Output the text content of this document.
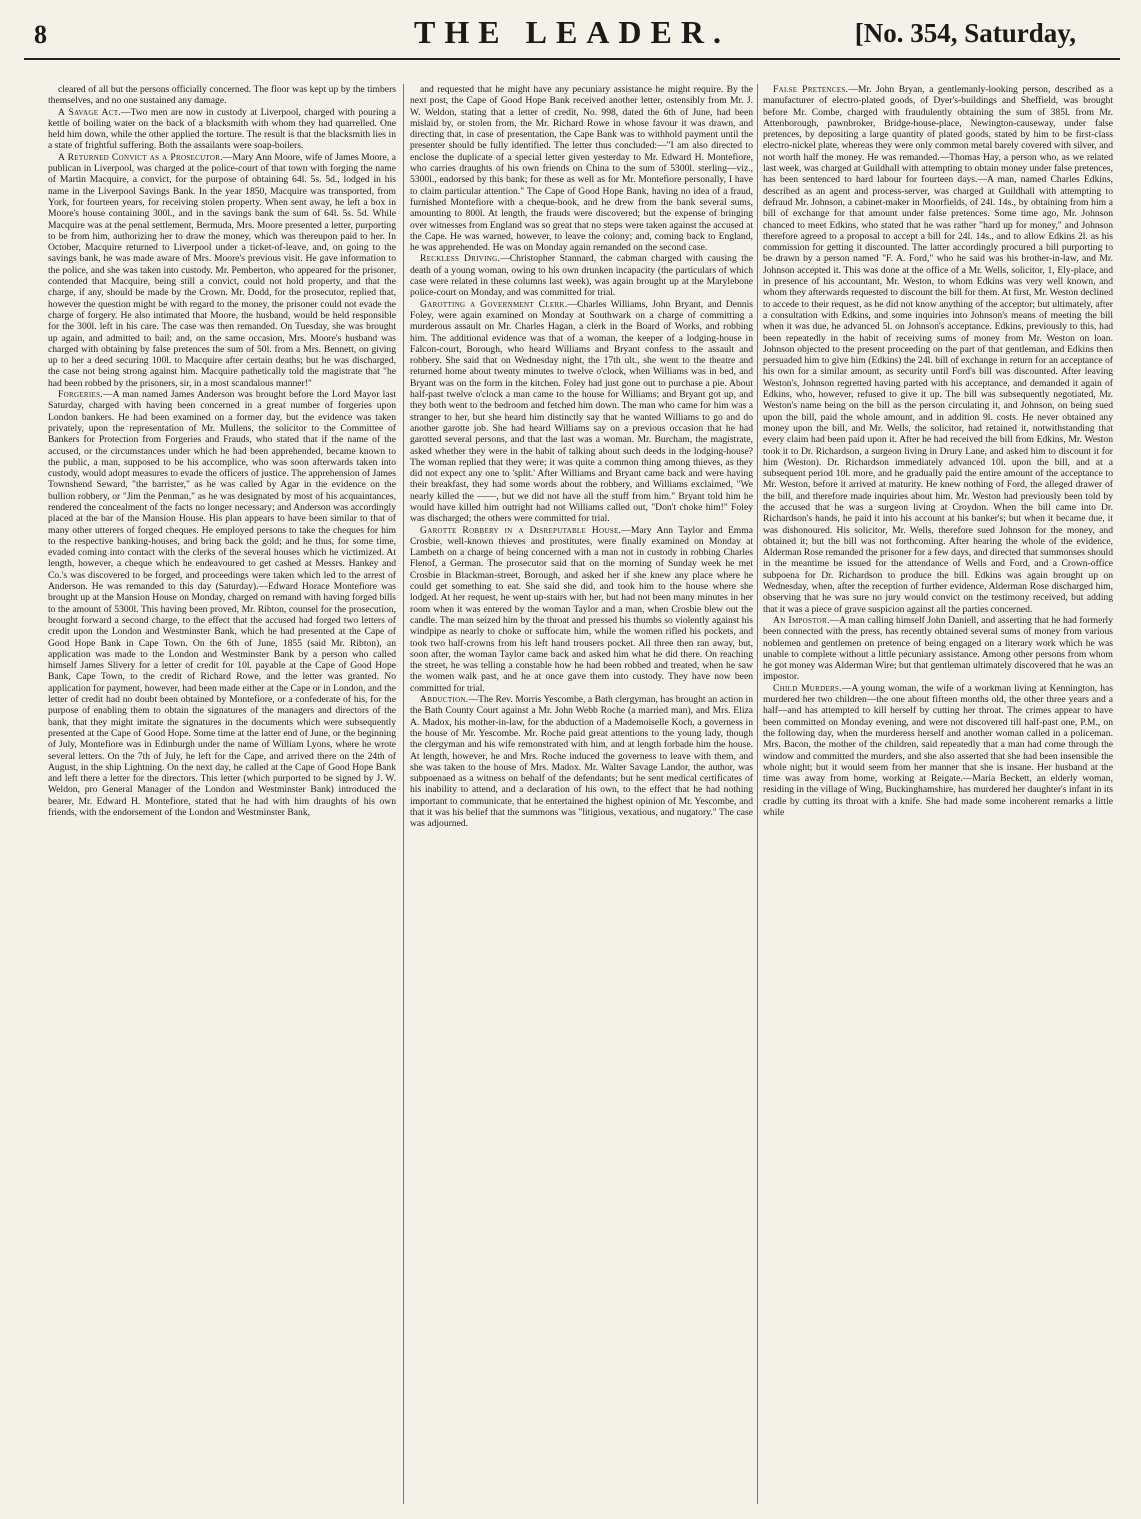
8	THE LEADER.	[No. 354, Saturday,

cleared of all but the persons officially concerned. The floor was kept up by the timbers themselves, and no one sustained any damage.

A Savage Act.—Two men are now in custody at Liverpool, charged with pouring a kettle of boiling water on the back of a blacksmith with whom they had quarrelled. One held him down, while the other applied the torture. The result is that the blacksmith lies in a state of frightful suffering. Both the assailants were soap-boilers.

A Returned Convict as a Prosecutor.—Mary Ann Moore, wife of James Moore, a publican in Liverpool, was charged at the police-court of that town with forging the name of Martin Macquire, a convict, for the purpose of obtaining 64l. 5s. 5d., lodged in his name in the Liverpool Savings Bank. In the year 1850, Macquire was transported, from York, for fourteen years, for receiving stolen property. When sent away, he left a box in Moore's house containing 300l., and in the savings bank the sum of 64l. 5s. 5d. While Macquire was at the penal settlement, Bermuda, Mrs. Moore presented a letter, purporting to be from him, authorizing her to draw the money, which was thereupon paid to her. In October, Macquire returned to Liverpool under a ticket-of-leave, and, on going to the savings bank, he was made aware of Mrs. Moore's previous visit. He gave information to the police, and she was taken into custody. Mr. Pemberton, who appeared for the prisoner, contended that Macquire, being still a convict, could not hold property, and that the charge, if any, should be made by the Crown. Mr. Dodd, for the prosecutor, replied that, however the question might be with regard to the money, the prisoner could not evade the charge of forgery. He also intimated that Moore, the husband, would be held responsible for the 300l. left in his care. The case was then remanded. On Tuesday, she was brought up again, and admitted to bail; and, on the same occasion, Mrs. Moore's husband was charged with obtaining by false pretences the sum of 50l. from a Mrs. Bennett, on giving up to her a deed securing 100l. to Macquire after certain deaths; but he was discharged, the case not being strong against him. Macquire pathetically told the magistrate that "he had been robbed by the prisoners, sir, in a most scandalous manner!"

Forgeries.—A man named James Anderson was brought before the Lord Mayor last Saturday, charged with having been concerned in a great number of forgeries upon London bankers. He had been examined on a former day, but the evidence was taken privately, upon the representation of Mr. Mullens, the solicitor to the Committee of Bankers for Protection from Forgeries and Frauds, who stated that if the name of the accused, or the circumstances under which he had been apprehended, became known to the public, a man, supposed to be his accomplice, who was soon afterwards taken into custody, would adopt measures to evade the officers of justice. The apprehension of James Townshend Seward, "the barrister," as he was called by Agar in the evidence on the bullion robbery, or "Jim the Penman," as he was designated by most of his acquaintances, rendered the concealment of the facts no longer necessary; and Anderson was accordingly placed at the bar of the Mansion House. His plan appears to have been similar to that of many other utterers of forged cheques. He employed persons to take the cheques for him to the respective banking-houses, and bring back the gold; and he thus, for some time, evaded coming into contact with the clerks of the several houses which he victimized. At length, however, a cheque which he endeavoured to get cashed at Messrs. Hankey and Co.'s was discovered to be forged, and proceedings were taken which led to the arrest of Anderson. He was remanded to this day (Saturday).—Edward Horace Montefiore was brought up at the Mansion House on Monday, charged on remand with having forged bills to the amount of 5300l. This having been proved, Mr. Ribton, counsel for the prosecution, brought forward a second charge, to the effect that the accused had forged two letters of credit upon the London and Westminster Bank, which he had presented at the Cape of Good Hope Bank in Cape Town. On the 6th of June, 1855 (said Mr. Ribton), an application was made to the London and Westminster Bank by a person who called himself James Slivery for a letter of credit for 10l. payable at the Cape of Good Hope Bank, Cape Town, to the credit of Richard Rowe, and the letter was granted. No application for payment, however, had been made either at the Cape or in London, and the letter of credit had no doubt been obtained by Montefiore, or a confederate of his, for the purpose of enabling them to obtain the signatures of the managers and directors of the bank, that they might imitate the signatures in the documents which were subsequently presented at the Cape of Good Hope. Some time at the latter end of June, or the beginning of July, Montefiore was in Edinburgh under the name of William Lyons, where he wrote several letters. On the 7th of July, he left for the Cape, and arrived there on the 24th of August, in the ship Lightning. On the next day, he called at the Cape of Good Hope Bank and left there a letter for the directors. This letter (which purported to be signed by J. W. Weldon, pro General Manager of the London and Westminster Bank) introduced the bearer, Mr. Edward H. Montefiore, stated that he had with him draughts of his own friends, with the endorsement of the London and Westminster Bank,

and requested that he might have any pecuniary assistance he might require. By the next post, the Cape of Good Hope Bank received another letter, ostensibly from Mr. J. W. Weldon, stating that a letter of credit, No. 998, dated the 6th of June, had been mislaid by, or stolen from, the Mr. Richard Rowe in whose favour it was drawn, and directing that, in case of presentation, the Cape Bank was to withhold payment until the presenter should be fully identified. The letter thus concluded:—"I am also directed to enclose the duplicate of a special letter given yesterday to Mr. Edward H. Montefiore, who carries draughts of his own friends on China to the sum of 5300l. sterling—viz., 5300l., endorsed by this bank; for these as well as for Mr. Montefiore personally, I have to claim particular attention." The Cape of Good Hope Bank, having no idea of a fraud, furnished Montefiore with a cheque-book, and he drew from the bank several sums, amounting to 800l. At length, the frauds were discovered; but the expense of bringing over witnesses from England was so great that no steps were taken against the accused at the Cape. He was warned, however, to leave the colony; and, coming back to England, he was apprehended. He was on Monday again remanded on the second case.

Reckless Driving.—Christopher Stannard, the cabman charged with causing the death of a young woman, owing to his own drunken incapacity (the particulars of which case were related in these columns last week), was again brought up at the Marylebone police-court on Monday, and was committed for trial.

Garotting a Government Clerk.—Charles Williams, John Bryant, and Dennis Foley, were again examined on Monday at Southwark on a charge of committing a murderous assault on Mr. Charles Hagan, a clerk in the Board of Works, and robbing him. The additional evidence was that of a woman, the keeper of a lodging-house in Falcon-court, Borough, who heard Williams and Bryant confess to the assault and robbery. She said that on Wednesday night, the 17th ult., she went to the theatre and returned home about twenty minutes to twelve o'clock, when Williams was in bed, and Bryant was on the form in the kitchen. Foley had just gone out to purchase a pie. About half-past twelve o'clock a man came to the house for Williams; and Bryant got up, and they both went to the bedroom and fetched him down. The man who came for him was a stranger to her, but she heard him distinctly say that he wanted Williams to go and do another garotte job. She had heard Williams say on a previous occasion that he had garotted several persons, and that the last was a woman. Mr. Burcham, the magistrate, asked whether they were in the habit of talking about such deeds in the lodging-house? The woman replied that they were; it was quite a common thing among thieves, as they did not expect any one to 'split.' After Williams and Bryant came back and were having their breakfast, they had some words about the robbery, and Williams exclaimed, "We nearly killed the ——, but we did not have all the stuff from him." Bryant told him he would have killed him outright had not Williams called out, "Don't choke him!" Foley was discharged; the others were committed for trial.

Garotte Robbery in a Disreputable House.—Mary Ann Taylor and Emma Crosbie, well-known thieves and prostitutes, were finally examined on Monday at Lambeth on a charge of being concerned with a man not in custody in robbing Charles Flenof, a German. The prosecutor said that on the morning of Sunday week he met Crosbie in Blackman-street, Borough, and asked her if she knew any place where he could get something to eat. She said she did, and took him to the house where she lodged. At her request, he went up-stairs with her, but had not been many minutes in her room when it was entered by the woman Taylor and a man, when Crosbie blew out the candle. The man seized him by the throat and pressed his thumbs so violently against his windpipe as nearly to choke or suffocate him, while the women rifled his pockets, and took two half-crowns from his left hand trousers pocket. All three then ran away, but, soon after, the woman Taylor came back and asked him what he did there. On reaching the street, he was telling a constable how he had been robbed and treated, when he saw the women walk past, and he at once gave them into custody. They have now been committed for trial.

Abduction.—The Rev. Morris Yescombe, a Bath clergyman, has brought an action in the Bath County Court against a Mr. John Webb Roche (a married man), and Mrs. Eliza A. Madox, his mother-in-law, for the abduction of a Mademoiselle Koch, a governess in the house of Mr. Yescombe. Mr. Roche paid great attentions to the young lady, though the clergyman and his wife remonstrated with him, and at length forbade him the house. At length, however, he and Mrs. Roche induced the governess to leave with them, and she was taken to the house of Mrs. Madox. Mr. Walter Savage Landor, the author, was subpoenaed as a witness on behalf of the defendants; but he sent medical certificates of his inability to attend, and a declaration of his own, to the effect that he had nothing important to communicate, that he entertained the highest opinion of Mr. Yescombe, and that it was his belief that the summons was "litigious, vexatious, and nugatory." The case was adjourned.

False Pretences.—Mr. John Bryan, a gentlemanly-looking person, described as a manufacturer of electro-plated goods, of Dyer's-buildings and Sheffield, was brought before Mr. Combe, charged with fraudulently obtaining the sum of 385l. from Mr. Attenborough, pawnbroker, Bridge-house-place, Newington-causeway, under false pretences, by depositing a large quantity of plated goods, stated by him to be first-class electro-nickel plate, whereas they were only common metal barely covered with silver, and not worth half the money. He was remanded.—Thomas Hay, a person who, as we related last week, was charged at Guildhall with attempting to obtain money under false pretences, has been sentenced to hard labour for fourteen days.—A man, named Charles Edkins, described as an agent and process-server, was charged at Guildhall with attempting to defraud Mr. Johnson, a cabinet-maker in Moorfields, of 24l. 14s., by obtaining from him a bill of exchange for that amount under false pretences. Some time ago, Mr. Johnson chanced to meet Edkins, who stated that he was rather "hard up for money," and Johnson therefore agreed to a proposal to accept a bill for 24l. 14s., and to allow Edkins 2l. as his commission for getting it discounted. The latter accordingly procured a bill purporting to be drawn by a person named "F. A. Ford," who he said was his brother-in-law, and Mr. Johnson accepted it. This was done at the office of a Mr. Wells, solicitor, 1, Ely-place, and in presence of his accountant, Mr. Weston, to whom Edkins was very well known, and whom they afterwards requested to discount the bill for them. At first, Mr. Weston declined to accede to their request, as he did not know anything of the acceptor; but ultimately, after a consultation with Edkins, and some inquiries into Johnson's means of meeting the bill when it was due, he advanced 5l. on Johnson's acceptance. Edkins, previously to this, had been repeatedly in the habit of receiving sums of money from Mr. Weston on loan. Johnson objected to the present proceeding on the part of that gentleman, and Edkins then persuaded him to give him (Edkins) the 24l. bill of exchange in return for an acceptance of his own for a similar amount, as security until Ford's bill was discounted. After leaving Weston's, Johnson regretted having parted with his acceptance, and demanded it again of Edkins, who, however, refused to give it up. The bill was subsequently negotiated, Mr. Weston's name being on the bill as the person circulating it, and Johnson, on being sued upon the bill, paid the whole amount, and in addition 9l. costs. He never obtained any money upon the bill, and Mr. Wells, the solicitor, had retained it, notwithstanding that every claim had been paid upon it. After he had received the bill from Edkins, Mr. Weston took it to Dr. Richardson, a surgeon living in Drury Lane, and asked him to discount it for him (Weston). Dr. Richardson immediately advanced 10l. upon the bill, and at a subsequent period 10l. more, and he gradually paid the entire amount of the acceptance to Mr. Weston, before it arrived at maturity. He knew nothing of Ford, the alleged drawer of the bill, and therefore made inquiries about him. Mr. Weston had previously been told by the accused that he was a surgeon living at Croydon. When the bill came into Dr. Richardson's hands, he paid it into his account at his banker's; but when it became due, it was dishonoured. His solicitor, Mr. Wells, therefore sued Johnson for the money, and obtained it; but the bill was not forthcoming. After hearing the whole of the evidence, Alderman Rose remanded the prisoner for a few days, and directed that summonses should in the meantime be issued for the attendance of Wells and Ford, and a Crown-office subpoena for Dr. Richardson to produce the bill. Edkins was again brought up on Wednesday, when, after the reception of further evidence, Alderman Rose discharged him, observing that he was sure no jury would convict on the testimony received, but adding that it was a piece of grave suspicion against all the parties concerned.

An Impostor.—A man calling himself John Daniell, and asserting that he had formerly been connected with the press, has recently obtained several sums of money from various noblemen and gentlemen on pretence of being engaged on a literary work which he was unable to complete without a little pecuniary assistance. Among other persons from whom he got money was Alderman Wire; but that gentleman ultimately discovered that he was an impostor.

Child Murders.—A young woman, the wife of a workman living at Kennington, has murdered her two children—the one about fifteen months old, the other three years and a half—and has attempted to kill herself by cutting her throat. The crimes appear to have been committed on Monday evening, and were not discovered till half-past one, P.M., on the following day, when the murderess herself and another woman called in a policeman. Mrs. Bacon, the mother of the children, said repeatedly that a man had come through the window and committed the murders, and she also asserted that she had been insensible the whole night; but it would seem from her manner that she is insane. Her husband at the time was away from home, working at Reigate.—Maria Beckett, an elderly woman, residing in the village of Wing, Buckinghamshire, has murdered her daughter's infant in its cradle by cutting its throat with a knife. She had made some incoherent remarks a little while
